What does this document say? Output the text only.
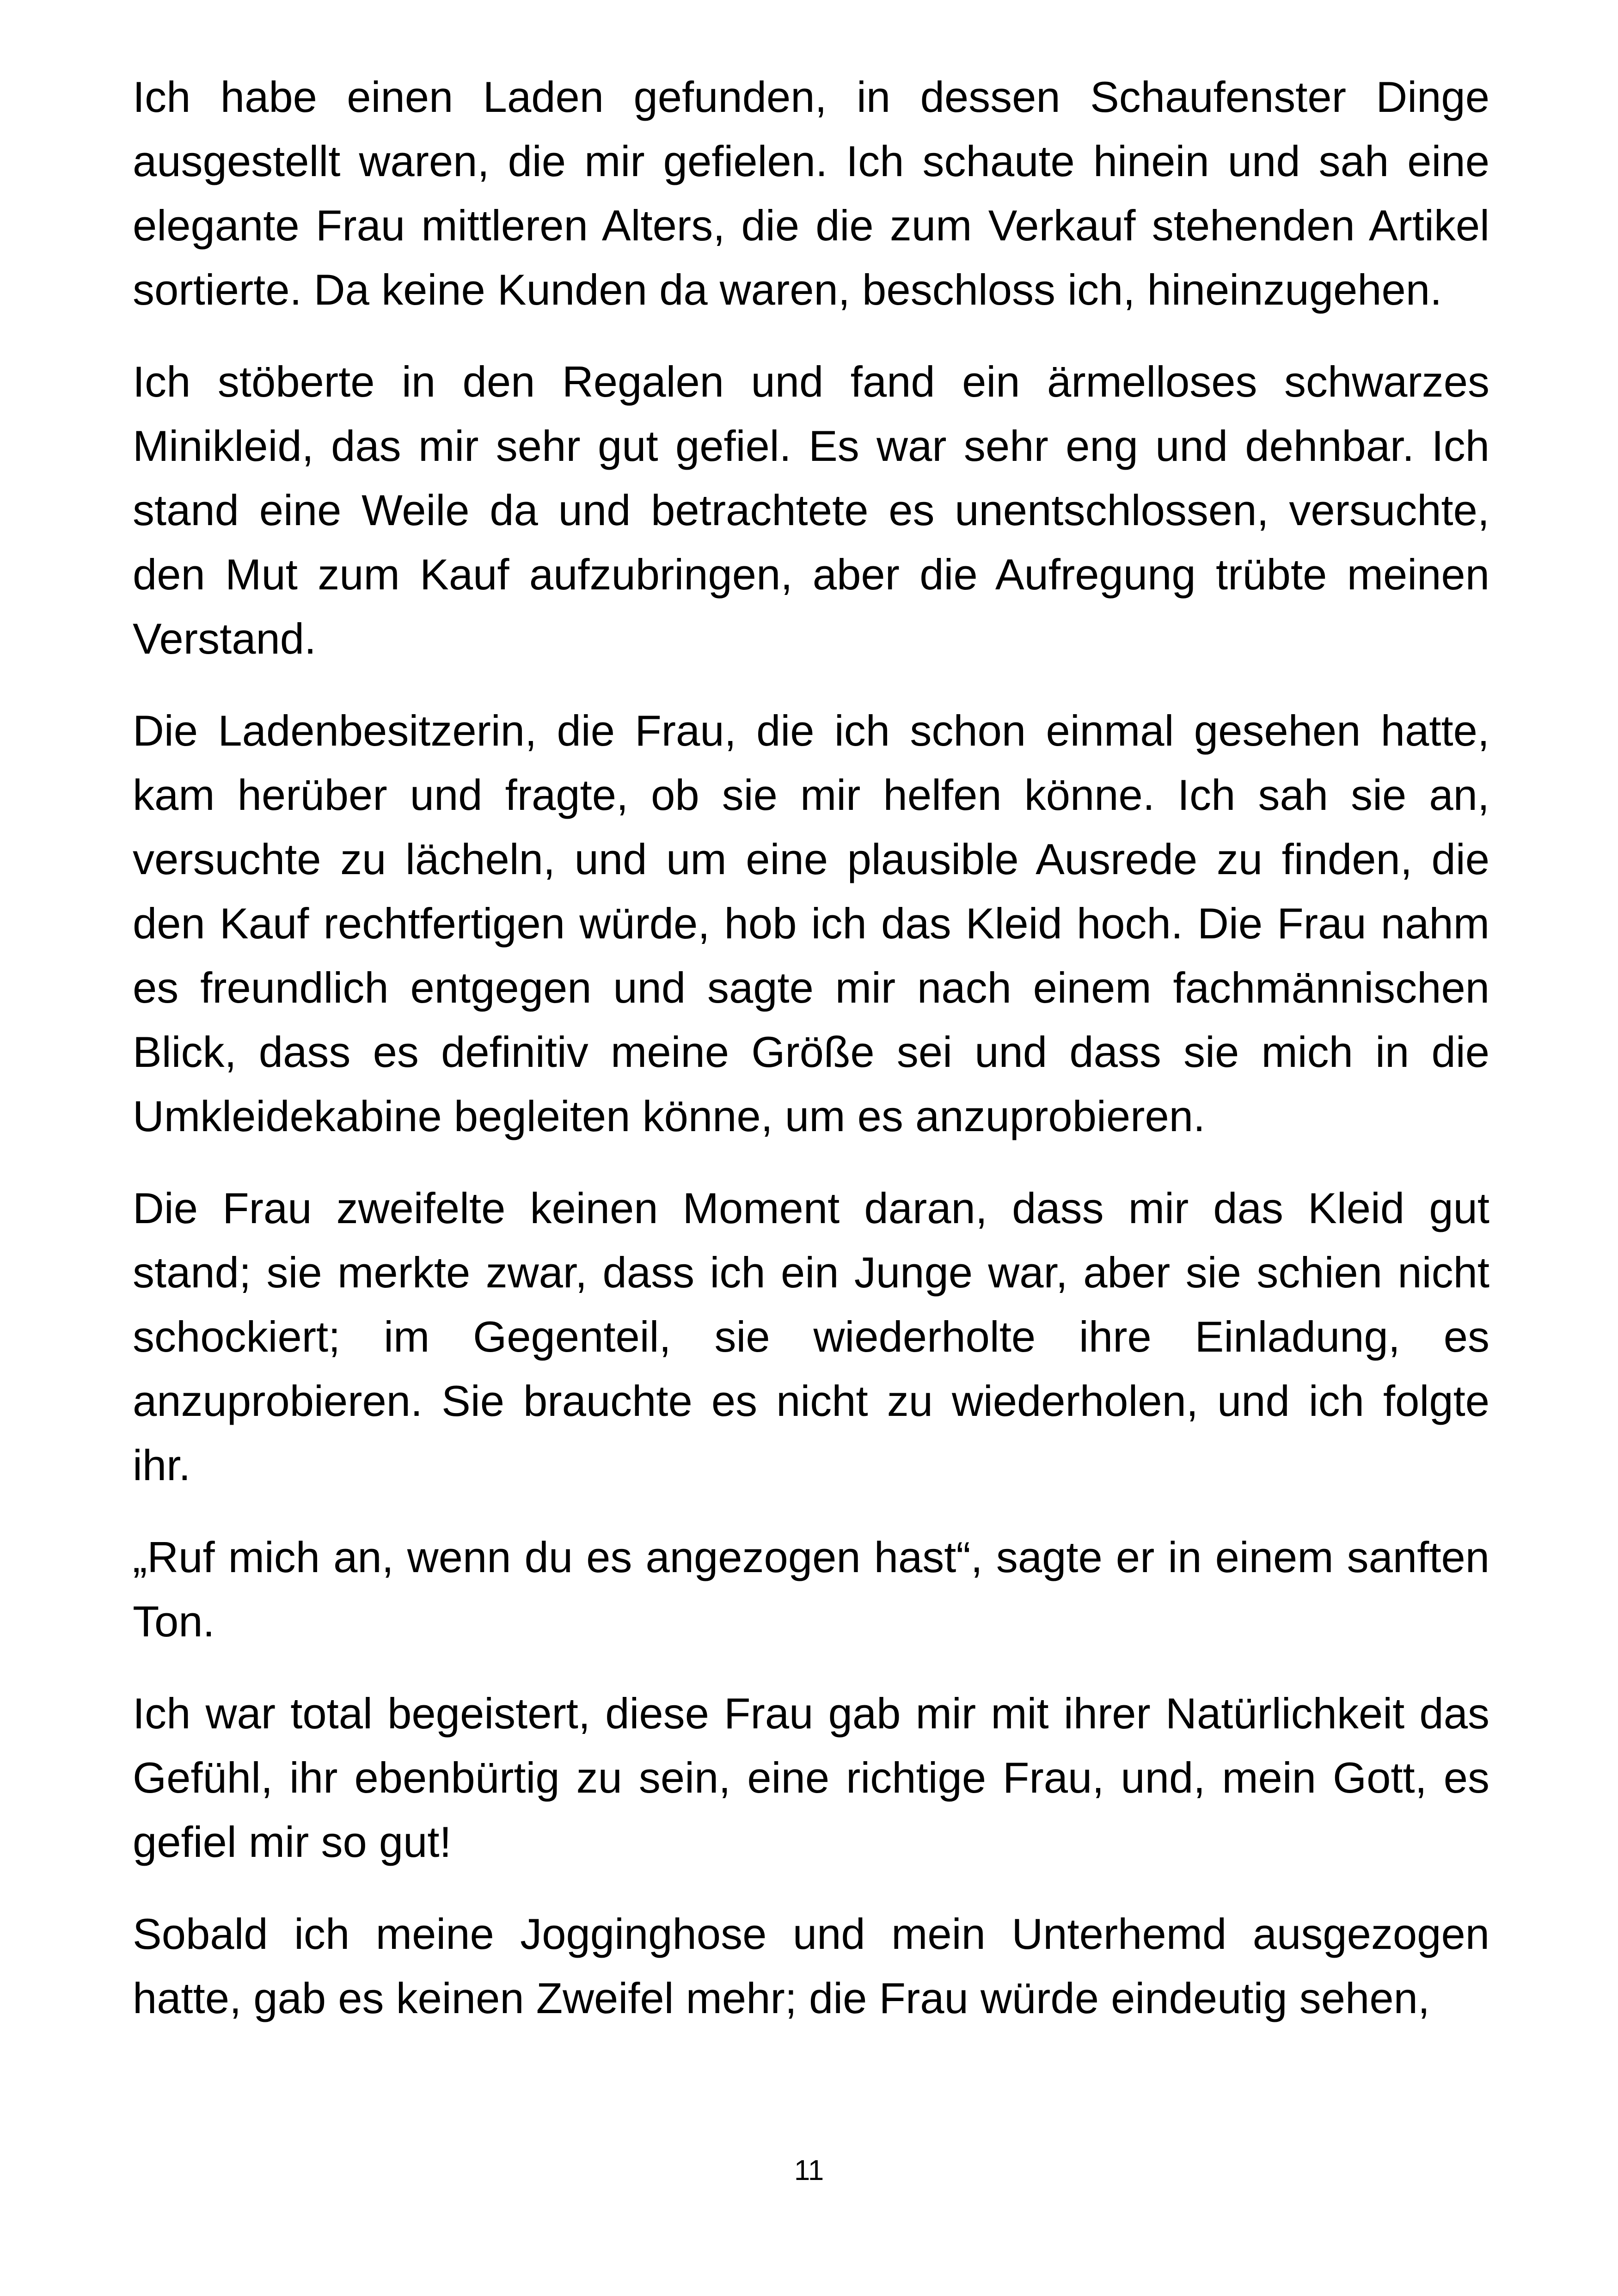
Ich habe einen Laden gefunden, in dessen Schaufenster Dinge ausgestellt waren, die mir gefielen. Ich schaute hinein und sah eine elegante Frau mittleren Alters, die die zum Verkauf stehenden Artikel sortierte. Da keine Kunden da waren, beschloss ich, hineinzugehen.

Ich stöberte in den Regalen und fand ein ärmelloses schwarzes Minikleid, das mir sehr gut gefiel. Es war sehr eng und dehnbar. Ich stand eine Weile da und betrachtete es unentschlossen, versuchte, den Mut zum Kauf aufzubringen, aber die Aufregung trübte meinen Verstand.

Die Ladenbesitzerin, die Frau, die ich schon einmal gesehen hatte, kam herüber und fragte, ob sie mir helfen könne. Ich sah sie an, versuchte zu lächeln, und um eine plausible Ausrede zu finden, die den Kauf rechtfertigen würde, hob ich das Kleid hoch. Die Frau nahm es freundlich entgegen und sagte mir nach einem fachmännischen Blick, dass es definitiv meine Größe sei und dass sie mich in die Umkleidekabine begleiten könne, um es anzuprobieren.

Die Frau zweifelte keinen Moment daran, dass mir das Kleid gut stand; sie merkte zwar, dass ich ein Junge war, aber sie schien nicht schockiert; im Gegenteil, sie wiederholte ihre Einladung, es anzuprobieren. Sie brauchte es nicht zu wiederholen, und ich folgte ihr.

„Ruf mich an, wenn du es angezogen hast“, sagte er in einem sanften Ton.

Ich war total begeistert, diese Frau gab mir mit ihrer Natürlichkeit das Gefühl, ihr ebenbürtig zu sein, eine richtige Frau, und, mein Gott, es gefiel mir so gut!

Sobald ich meine Jogginghose und mein Unterhemd ausgezogen hatte, gab es keinen Zweifel mehr; die Frau würde eindeutig sehen,

11
